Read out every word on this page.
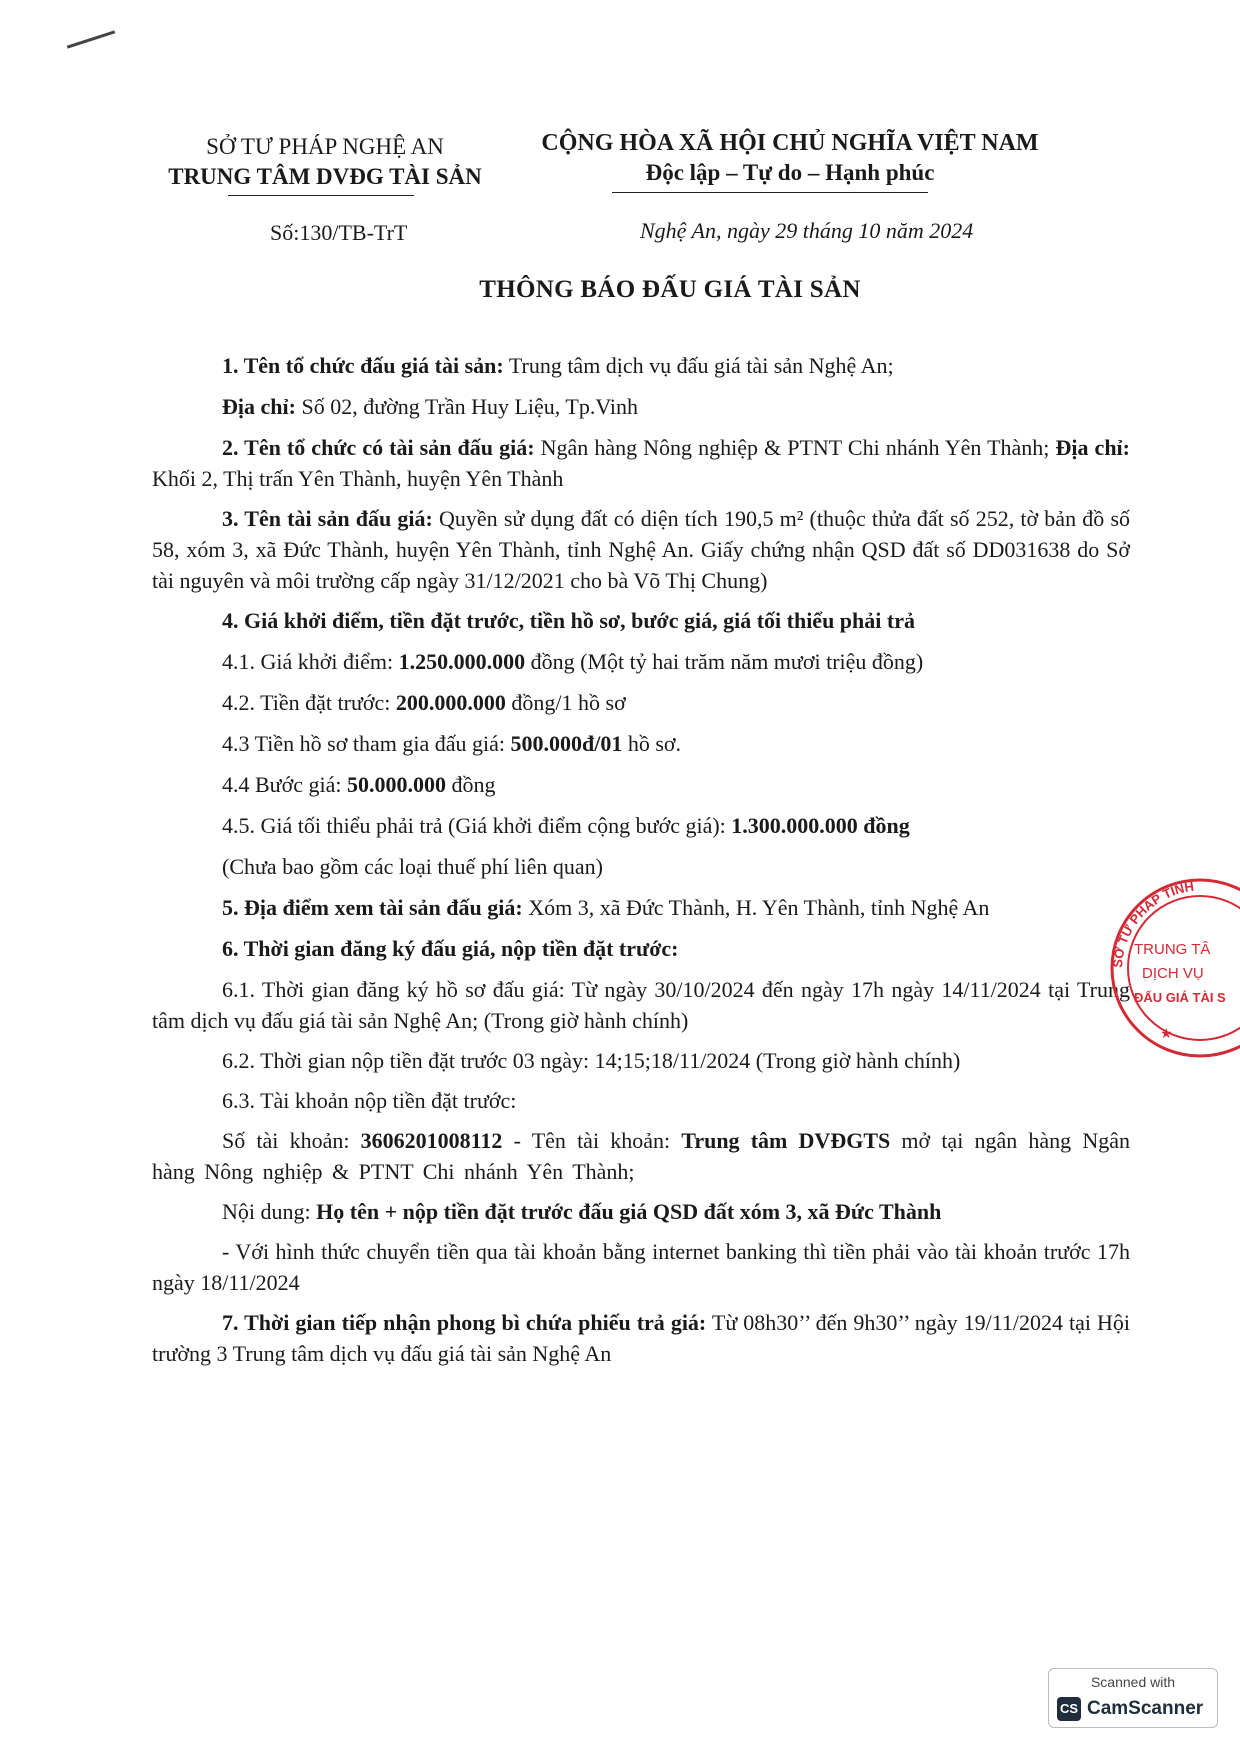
SỞ TƯ PHÁP NGHỆ AN
TRUNG TÂM DVĐG TÀI SẢN
CỘNG HÒA XÃ HỘI CHỦ NGHĨA VIỆT NAM
Độc lập – Tự do – Hạnh phúc
Số:130/TB-TrT	Nghệ An, ngày 29 tháng 10 năm 2024
THÔNG BÁO ĐẤU GIÁ TÀI SẢN

1. Tên tổ chức đấu giá tài sản: Trung tâm dịch vụ đấu giá tài sản Nghệ An;

Địa chỉ: Số 02, đường Trần Huy Liệu, Tp.Vinh

2. Tên tổ chức có tài sản đấu giá: Ngân hàng Nông nghiệp & PTNT Chi nhánh Yên Thành; Địa chỉ: Khối 2, Thị trấn Yên Thành, huyện Yên Thành

3. Tên tài sản đấu giá: Quyền sử dụng đất có diện tích 190,5 m² (thuộc thửa đất số 252, tờ bản đồ số 58, xóm 3, xã Đức Thành, huyện Yên Thành, tỉnh Nghệ An. Giấy chứng nhận QSD đất số DD031638 do Sở tài nguyên và môi trường cấp ngày 31/12/2021 cho bà Võ Thị Chung)

4. Giá khởi điểm, tiền đặt trước, tiền hồ sơ, bước giá, giá tối thiểu phải trả

4.1. Giá khởi điểm: 1.250.000.000 đồng (Một tỷ hai trăm năm mươi triệu đồng)

4.2. Tiền đặt trước: 200.000.000 đồng/1 hồ sơ

4.3 Tiền hồ sơ tham gia đấu giá: 500.000đ/01 hồ sơ.

4.4 Bước giá: 50.000.000 đồng

4.5. Giá tối thiểu phải trả (Giá khởi điểm cộng bước giá): 1.300.000.000 đồng

(Chưa bao gồm các loại thuế phí liên quan)

5. Địa điểm xem tài sản đấu giá: Xóm 3, xã Đức Thành, H. Yên Thành, tỉnh Nghệ An

6. Thời gian đăng ký đấu giá, nộp tiền đặt trước:

6.1. Thời gian đăng ký hồ sơ đấu giá: Từ ngày 30/10/2024 đến ngày 17h ngày 14/11/2024 tại Trung tâm dịch vụ đấu giá tài sản Nghệ An; (Trong giờ hành chính)

6.2. Thời gian nộp tiền đặt trước 03 ngày: 14;15;18/11/2024 (Trong giờ hành chính)

6.3. Tài khoản nộp tiền đặt trước:

Số tài khoản: 3606201008112 - Tên tài khoản: Trung tâm DVĐGTS mở tại ngân hàng Ngân hàng Nông nghiệp & PTNT Chi nhánh Yên Thành;

Nội dung: Họ tên + nộp tiền đặt trước đấu giá QSD đất xóm 3, xã Đức Thành

- Với hình thức chuyển tiền qua tài khoản bằng internet banking thì tiền phải vào tài khoản trước 17h ngày 18/11/2024

7. Thời gian tiếp nhận phong bì chứa phiếu trả giá: Từ 08h30’’ đến 9h30’’ ngày 19/11/2024 tại Hội trường 3 Trung tâm dịch vụ đấu giá tài sản Nghệ An

SỞ TƯ PHÁP TỈNH
TRUNG TÂ
DỊCH VỤ
ĐẤU GIÁ TÀI S
★
Scanned with
CS CamScanner
